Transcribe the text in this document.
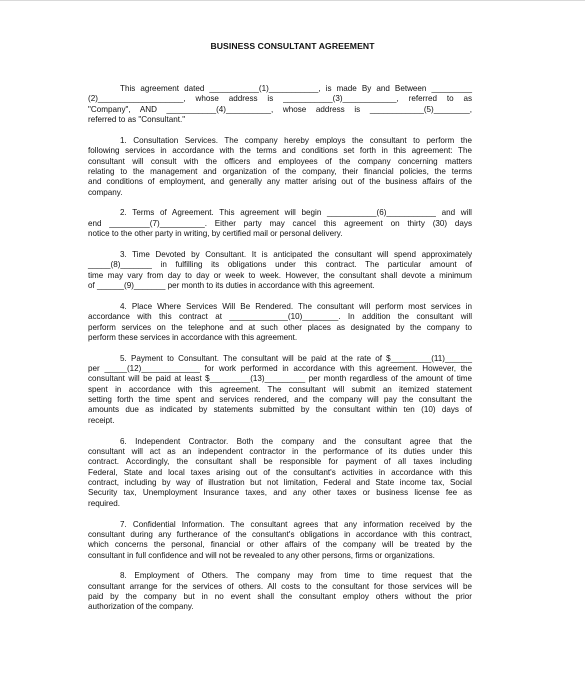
BUSINESS CONSULTANT AGREEMENT
This agreement dated ___________(1)___________, is made By and Between _________
(2)___________________, whose address is ___________(3)____________, referred to as
"Company", AND ___________(4)__________, whose address is ____________(5)________,
referred to as "Consultant."
1. Consultation Services. The company hereby employs the consultant to perform the
following services in accordance with the terms and conditions set forth in this agreement: The
consultant will consult with the officers and employees of the company concerning matters
relating to the management and organization of the company, their financial policies, the terms
and conditions of employment, and generally any matter arising out of the business affairs of the
company.
2. Terms of Agreement. This agreement will begin ___________(6)___________ and will
end _________(7)__________. Either party may cancel this agreement on thirty (30) days
notice to the other party in writing, by certified mail or personal delivery.
3. Time Devoted by Consultant. It is anticipated the consultant will spend approximately
_____(8)_______ in fulfilling its obligations under this contract. The particular amount of
time may vary from day to day or week to week. However, the consultant shall devote a minimum
of ______(9)_______ per month to its duties in accordance with this agreement.
4. Place Where Services Will Be Rendered. The consultant will perform most services in
accordance with this contract at _____________(10)________. In addition the consultant will
perform services on the telephone and at such other places as designated by the company to
perform these services in accordance with this agreement.
5. Payment to Consultant. The consultant will be paid at the rate of $_________(11)______
per _____(12)_____________ for work performed in accordance with this agreement. However, the
consultant will be paid at least $_________(13)_________ per month regardless of the amount of time
spent in accordance with this agreement. The consultant will submit an itemized statement
setting forth the time spent and services rendered, and the company will pay the consultant the
amounts due as indicated by statements submitted by the consultant within ten (10) days of
receipt.
6. Independent Contractor. Both the company and the consultant agree that the
consultant will act as an independent contractor in the performance of its duties under this
contract. Accordingly, the consultant shall be responsible for payment of all taxes including
Federal, State and local taxes arising out of the consultant's activities in accordance with this
contract, including by way of illustration but not limitation, Federal and State income tax, Social
Security tax, Unemployment Insurance taxes, and any other taxes or business license fee as
required.
7. Confidential Information. The consultant agrees that any information received by the
consultant during any furtherance of the consultant's obligations in accordance with this contract,
which concerns the personal, financial or other affairs of the company will be treated by the
consultant in full confidence and will not be revealed to any other persons, firms or organizations.
8. Employment of Others. The company may from time to time request that the
consultant arrange for the services of others. All costs to the consultant for those services will be
paid by the company but in no event shall the consultant employ others without the prior
authorization of the company.
